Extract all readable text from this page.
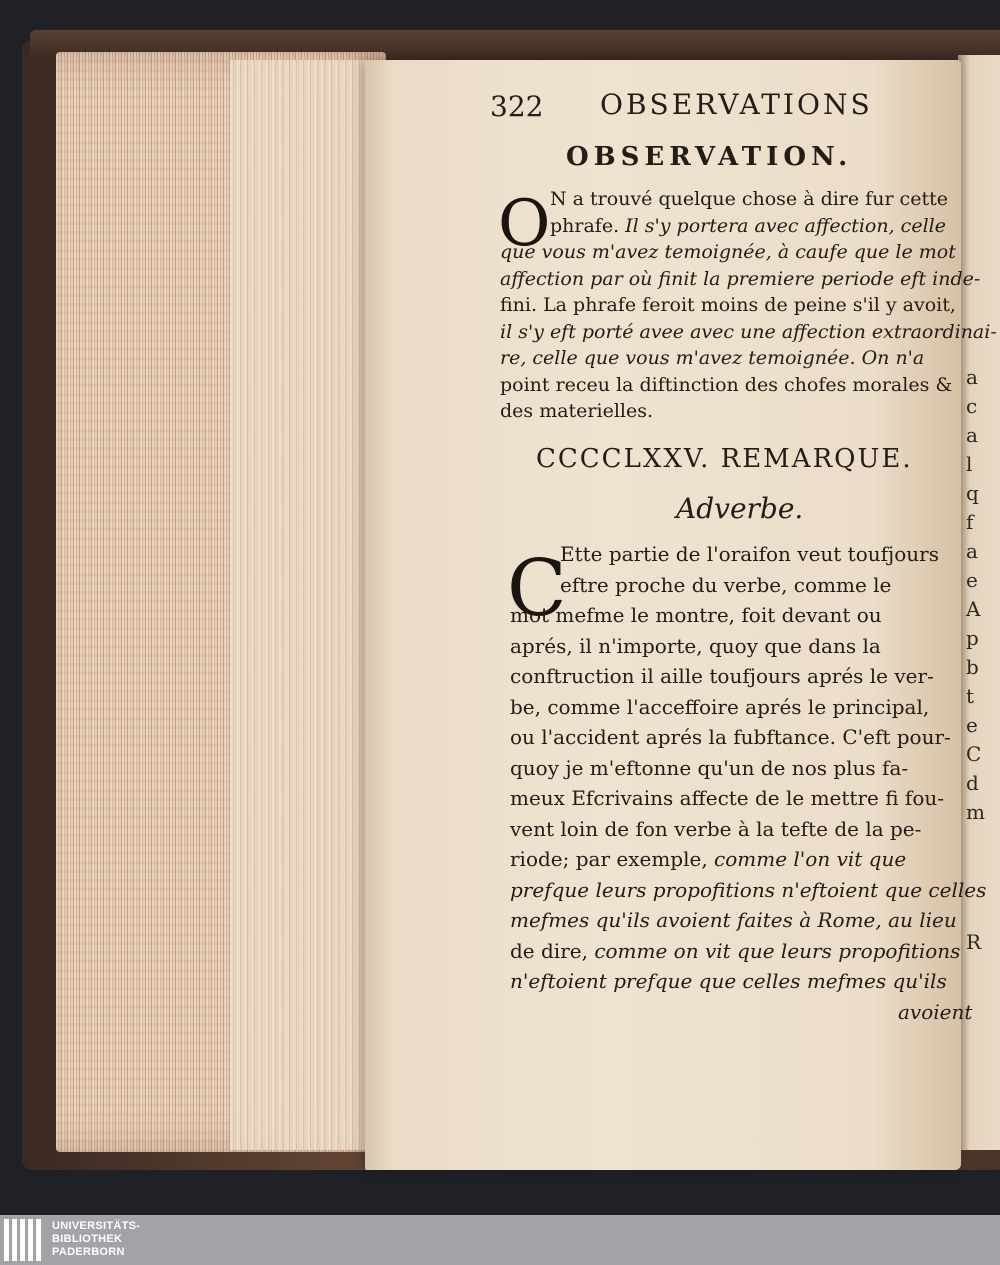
a
c
a
l
q
f
a
e
A
p
b
t
e
C
d
m
R
322 OBSERVATIONS
OBSERVATION.
O N a trouvé quelque chose à dire fur cette
phrafe. Il s'y portera avec affection, celle
que vous m'avez temoignée, à caufe que le mot
affection par où finit la premiere periode eft inde-
fini. La phrafe feroit moins de peine s'il y avoit,
il s'y eft porté avee avec une affection extraordinai-
re, celle que vous m'avez temoignée. On n'a
point receu la diftinction des chofes morales &
des materielles.
CCCCLXXV. REMARQUE.
Adverbe.
C
Ette partie de l'oraifon veut toufjours
eftre proche du verbe, comme le
mot mefme le montre, foit devant ou
aprés, il n'importe, quoy que dans la
conftruction il aille toufjours aprés le ver-
be, comme l'acceffoire aprés le principal,
ou l'accident aprés la fubftance. C'eft pour-
quoy je m'eftonne qu'un de nos plus fa-
meux Efcrivains affecte de le mettre fi fou-
vent loin de fon verbe à la tefte de la pe-
riode; par exemple, comme l'on vit que
prefque leurs propofitions n'eftoient que celles
mefmes qu'ils avoient faites à Rome, au lieu
de dire, comme on vit que leurs propofitions
n'eftoient prefque que celles mefmes qu'ils
avoient
UNIVERSITÄTS-
BIBLIOTHEK
PADERBORN
